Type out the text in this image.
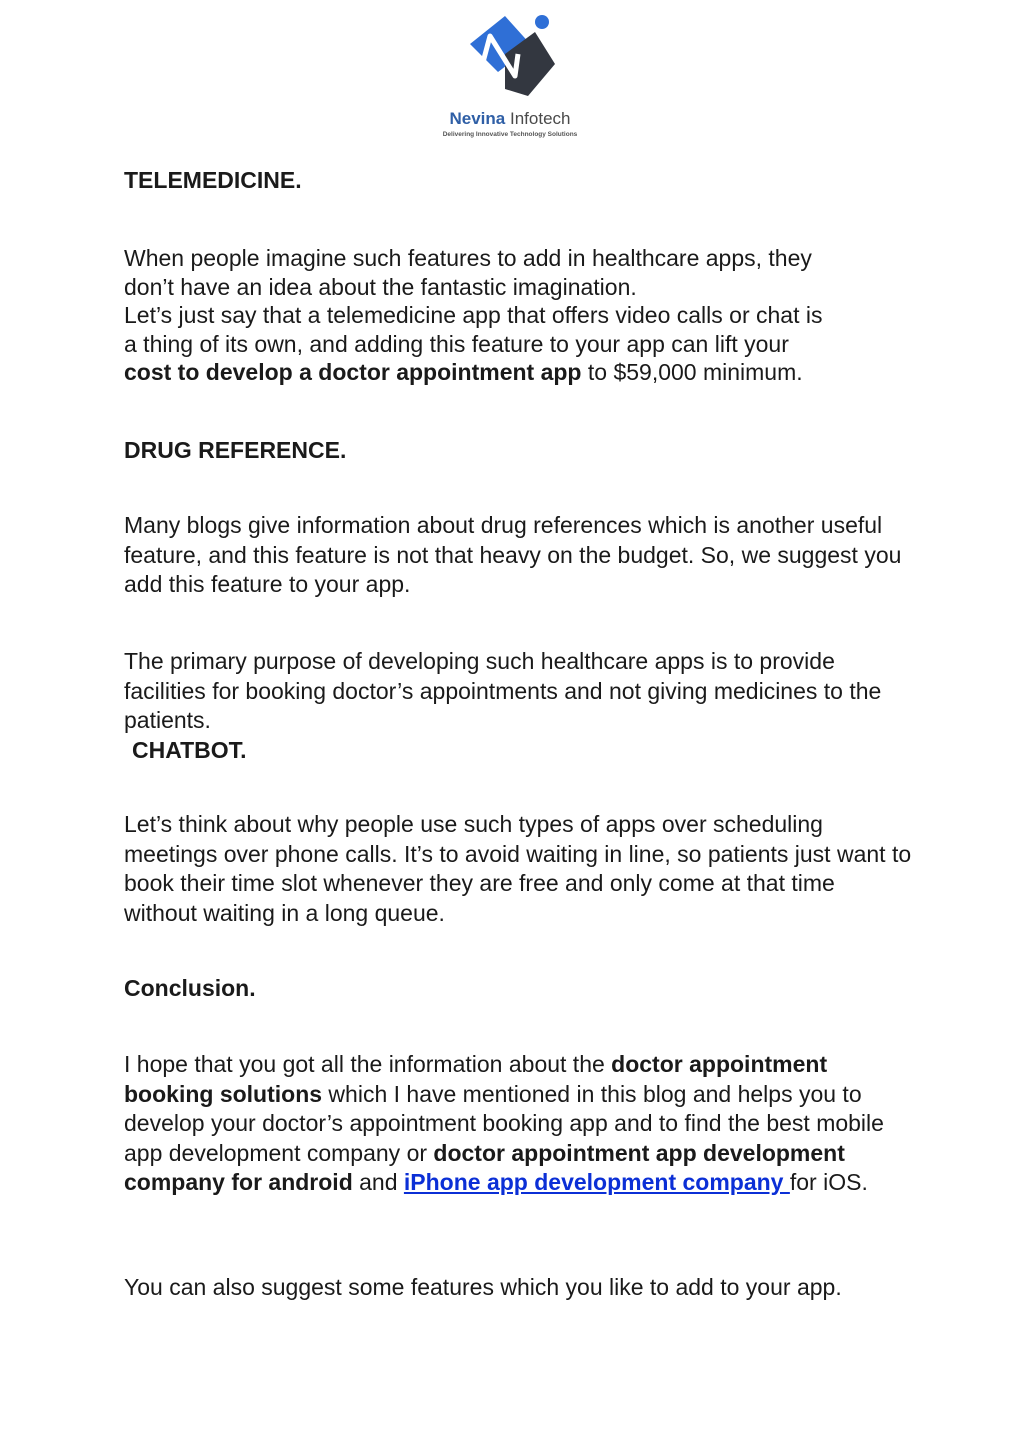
Nevina Infotech
Delivering Innovative Technology Solutions
TELEMEDICINE.
When people imagine such features to add in healthcare apps, they
don’t have an idea about the fantastic imagination.
Let’s just say that a telemedicine app that offers video calls or chat is
a thing of its own, and adding this feature to your app can lift your
cost to develop a doctor appointment app to $59,000 minimum.
DRUG REFERENCE.

Many blogs give information about drug references which is another useful feature, and this feature is not that heavy on the budget. So, we suggest you add this feature to your app.

The primary purpose of developing such healthcare apps is to provide facilities for booking doctor’s appointments and not giving medicines to the patients.

CHATBOT.

Let’s think about why people use such types of apps over scheduling meetings over phone calls. It’s to avoid waiting in line, so patients just want to book their time slot whenever they are free and only come at that time without waiting in a long queue.

Conclusion.

I hope that you got all the information about the doctor appointment booking solutions which I have mentioned in this blog and helps you to develop your doctor’s appointment booking app and to find the best mobile app development company or doctor appointment app development company for android and iPhone app development company for iOS.

You can also suggest some features which you like to add to your app.
